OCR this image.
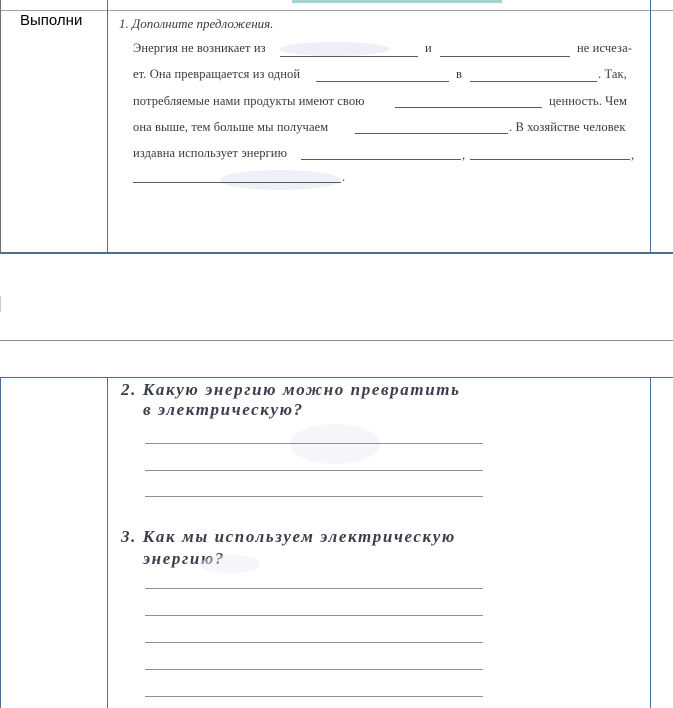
Выполни	1. Дополните предложения.
Энергия не возникает из	и	не исчеза-
ет. Она превращается из одной	в	. Так,
потребляемые нами продукты имеют свою	ценность. Чем
она выше, тем больше мы получаем	. В хозяйстве человек
издавна использует энергию	,	,
.
2. Какую энергию можно превратить
в электрическую?
3. Как мы используем электрическую
энергию?
